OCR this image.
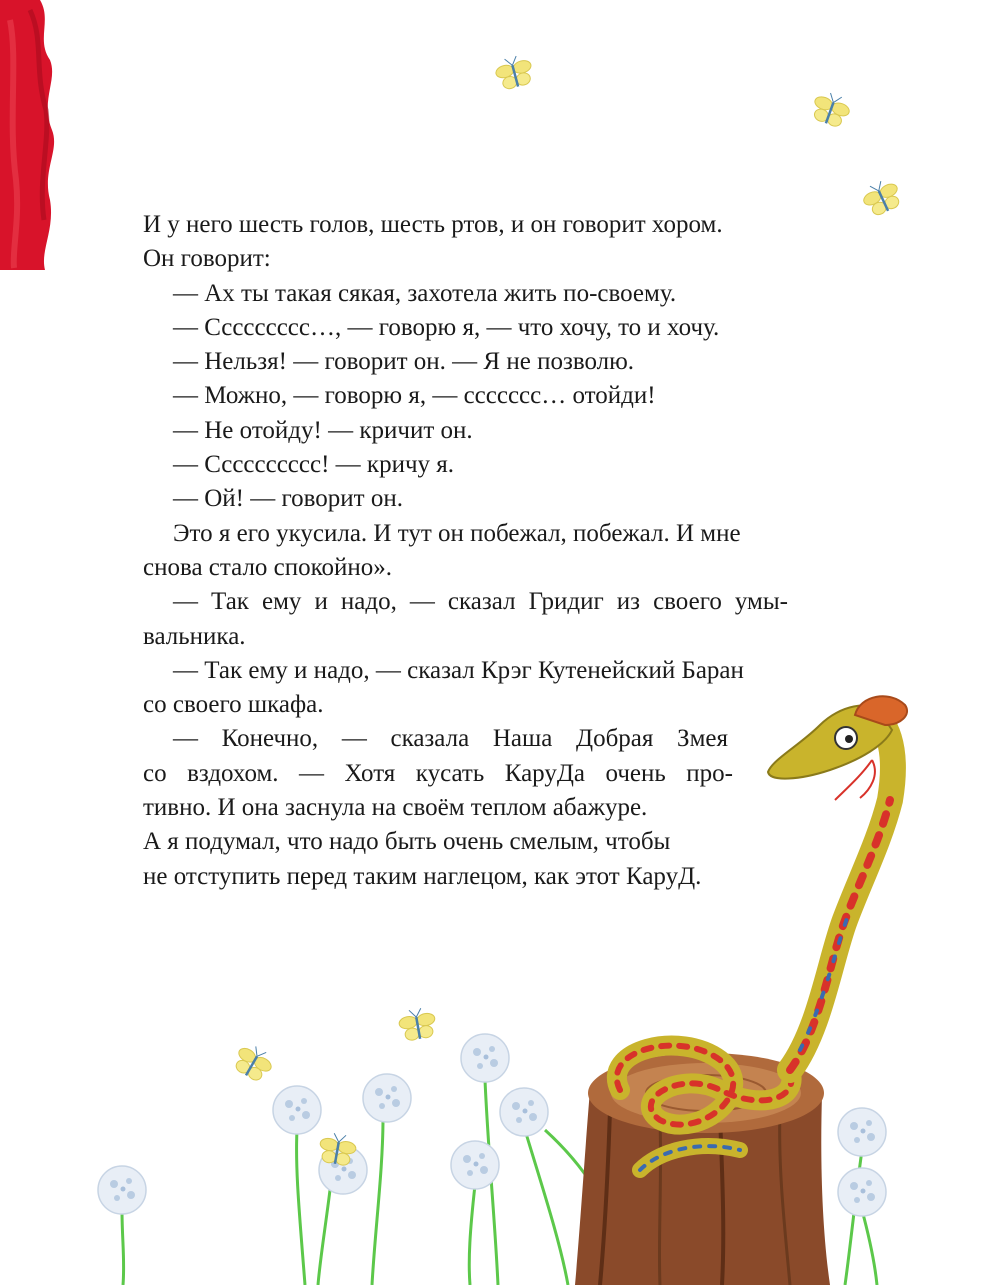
И у него шесть голов, шесть ртов, и он говорит хором.
Он говорит:
— Ах ты такая сякая, захотела жить по-своему.
— Ссссссссс…, — говорю я, — что хочу, то и хочу.
— Нельзя! — говорит он. — Я не позволю.
— Можно, — говорю я, — ссссссс… отойди!
— Не отойду! — кричит он.
— Сссссссссс! — кричу я.
— Ой! — говорит он.
Это я его укусила. И тут он побежал, побежал. И мне
снова стало спокойно».
— Так ему и надо, — сказал Гридиг из своего умы-
вальника.
— Так ему и надо, — сказал Крэг Кутенейский Баран
со своего шкафа.
— Конечно, — сказала Наша Добрая Змея
со вздохом. — Хотя кусать КаруДа очень про-
тивно. И она заснула на своём теплом абажуре.
А я подумал, что надо быть очень смелым, чтобы
не отступить перед таким наглецом, как этот КаруД.
